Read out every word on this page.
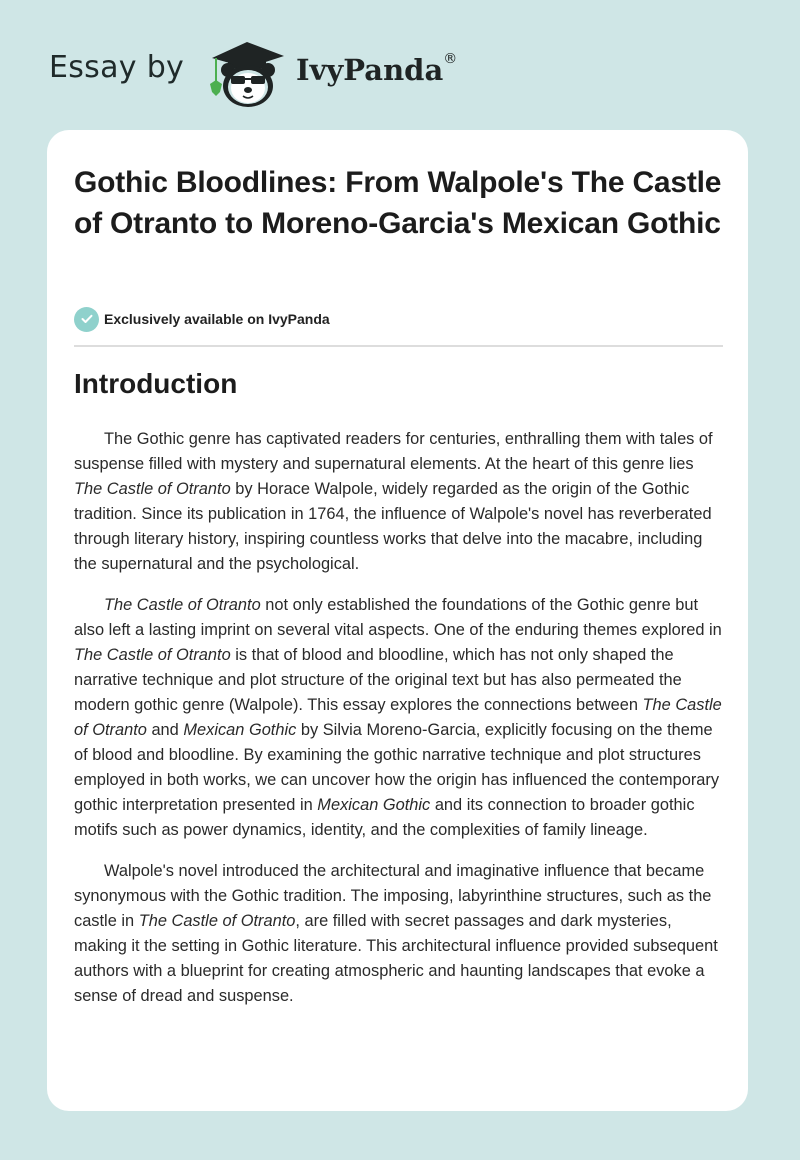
Essay by	IvyPanda®
Gothic Bloodlines: From Walpole's The Castle of Otranto to Moreno-Garcia's Mexican Gothic
Exclusively available on IvyPanda
Introduction

The Gothic genre has captivated readers for centuries, enthralling them with tales of suspense filled with mystery and supernatural elements. At the heart of this genre lies The Castle of Otranto by Horace Walpole, widely regarded as the origin of the Gothic tradition. Since its publication in 1764, the influence of Walpole's novel has reverberated through literary history, inspiring countless works that delve into the macabre, including the supernatural and the psychological.

The Castle of Otranto not only established the foundations of the Gothic genre but also left a lasting imprint on several vital aspects. One of the enduring themes explored in The Castle of Otranto is that of blood and bloodline, which has not only shaped the narrative technique and plot structure of the original text but has also permeated the modern gothic genre (Walpole). This essay explores the connections between The Castle of Otranto and Mexican Gothic by Silvia Moreno-Garcia, explicitly focusing on the theme of blood and bloodline. By examining the gothic narrative technique and plot structures employed in both works, we can uncover how the origin has influenced the contemporary gothic interpretation presented in Mexican Gothic and its connection to broader gothic motifs such as power dynamics, identity, and the complexities of family lineage.

Walpole's novel introduced the architectural and imaginative influence that became synonymous with the Gothic tradition. The imposing, labyrinthine structures, such as the castle in The Castle of Otranto, are filled with secret passages and dark mysteries, making it the setting in Gothic literature. This architectural influence provided subsequent authors with a blueprint for creating atmospheric and haunting landscapes that evoke a sense of dread and suspense.
